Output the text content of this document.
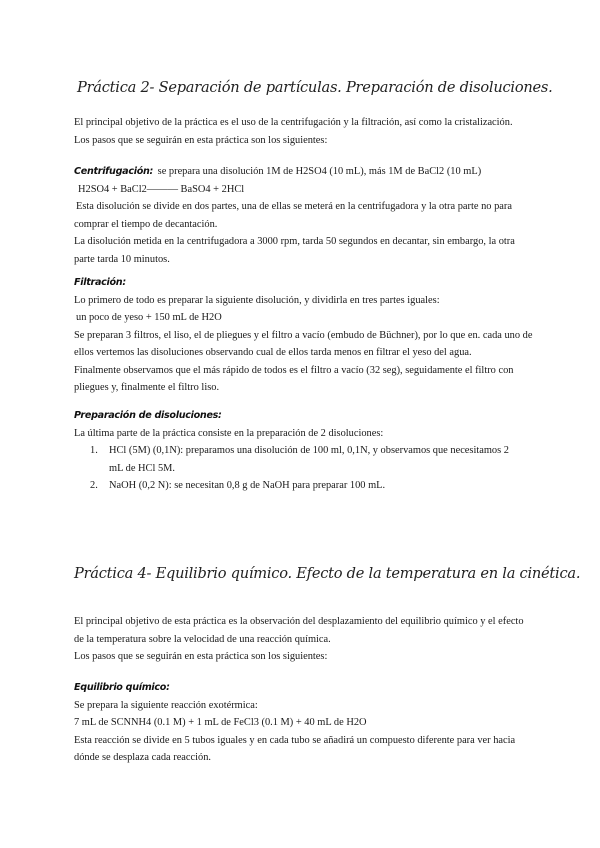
Práctica 2- Separación de partículas. Preparación de disoluciones.

El principal objetivo de la práctica es el uso de la centrifugación y la filtración, así como la cristalización.

Los pasos que se seguirán en esta práctica son los siguientes:

Centrifugación: se prepara una disolución 1M de H2SO4 (10 mL), más 1M de BaCl2 (10 mL)

H2SO4 + BaCl2——— BaSO4 + 2HCl

Esta disolución se divide en dos partes, una de ellas se meterá en la centrifugadora y la otra parte no para

comprar el tiempo de decantación.

La disolución metida en la centrifugadora a 3000 rpm, tarda 50 segundos en decantar, sin embargo, la otra

parte tarda 10 minutos.

Filtración:

Lo primero de todo es preparar la siguiente disolución, y dividirla en tres partes iguales:

un poco de yeso + 150 mL de H2O

Se preparan 3 filtros, el liso, el de pliegues y el filtro a vacío (embudo de Büchner), por lo que en. cada uno de

ellos vertemos las disoluciones observando cual de ellos tarda menos en filtrar el yeso del agua.

Finalmente observamos que el más rápido de todos es el filtro a vacío (32 seg), seguidamente el filtro con

pliegues y, finalmente el filtro liso.

Preparación de disoluciones:

La última parte de la práctica consiste en la preparación de 2 disoluciones:

1. HCl (5M) (0,1N): preparamos una disolución de 100 ml, 0,1N, y observamos que necesitamos 2
mL de HCl 5M.
2. NaOH (0,2 N): se necesitan 0,8 g de NaOH para preparar 100 mL.
Práctica 4- Equilibrio químico. Efecto de la temperatura en la cinética.

El principal objetivo de esta práctica es la observación del desplazamiento del equilibrio químico y el efecto

de la temperatura sobre la velocidad de una reacción química.

Los pasos que se seguirán en esta práctica son los siguientes:

Equilibrio químico:

Se prepara la siguiente reacción exotérmica:

7 mL de SCNNH4 (0.1 M) + 1 mL de FeCl3 (0.1 M) + 40 mL de H2O

Esta reacción se divide en 5 tubos iguales y en cada tubo se añadirá un compuesto diferente para ver hacia

dónde se desplaza cada reacción.
